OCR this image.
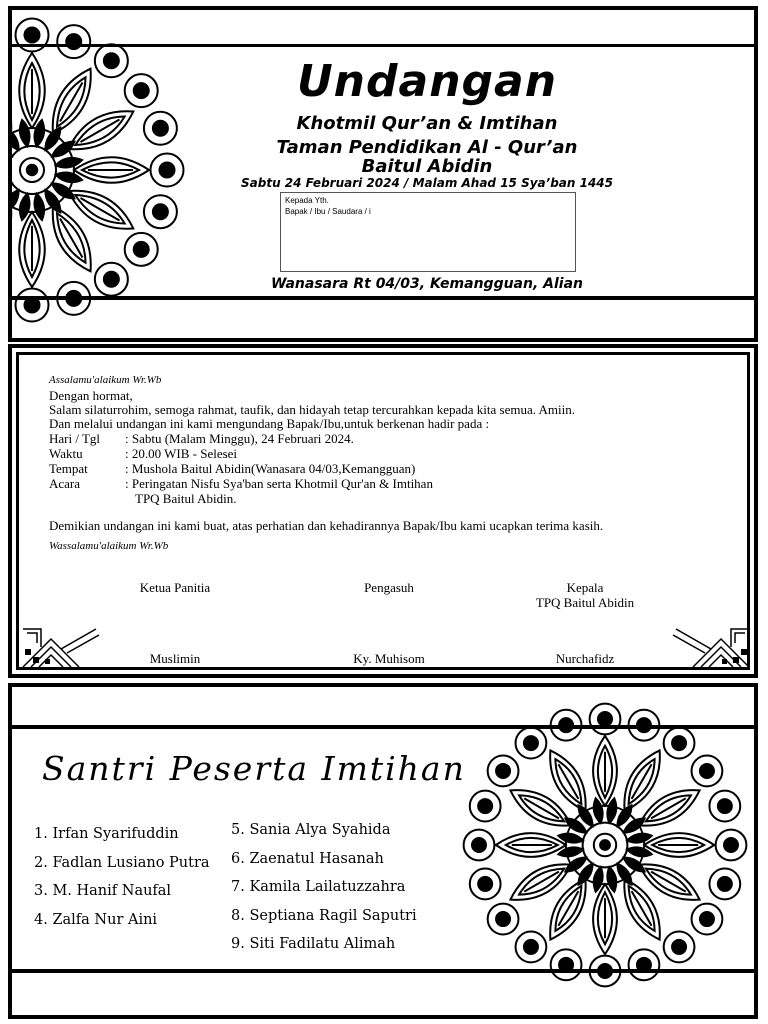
Undangan
Khotmil Qur’an & Imtihan
Taman Pendidikan Al - Qur’an
Baitul Abidin
Sabtu 24 Februari 2024 / Malam Ahad 15 Sya’ban 1445
Kepada Yth.
Bapak / Ibu / Saudara / i
Wanasara Rt 04/03, Kemangguan, Alian
Assalamu'alaikum Wr.Wb
Dengan hormat,
Salam silaturrohim, semoga rahmat, taufik, dan hidayah tetap tercurahkan kepada kita semua. Amiin.
Dan melalui undangan ini kami mengundang Bapak/Ibu,untuk berkenan hadir pada :
Hari / Tgl : Sabtu (Malam Minggu), 24 Februari 2024.
Waktu	: 20.00 WIB - Selesei
Tempat	: Mushola Baitul Abidin(Wanasara 04/03,Kemangguan)
Acara	: Peringatan Nisfu Sya'ban serta Khotmil Qur'an & Imtihan
TPQ Baitul Abidin.
Demikian undangan ini kami buat, atas perhatian dan kehadirannya Bapak/Ibu kami ucapkan terima kasih.
Wassalamu'alaikum Wr.Wb
Ketua Panitia	Pengasuh	Kepala
TPQ Baitul Abidin
Muslimin	Ky. Muhisom	Nurchafidz
Santri Peserta Imtihan
1. Irfan Syarifuddin
2. Fadlan Lusiano Putra
3. M. Hanif Naufal
4. Zalfa Nur Aini
5. Sania Alya Syahida
6. Zaenatul Hasanah
7. Kamila Lailatuzzahra
8. Septiana Ragil Saputri
9. Siti Fadilatu Alimah
